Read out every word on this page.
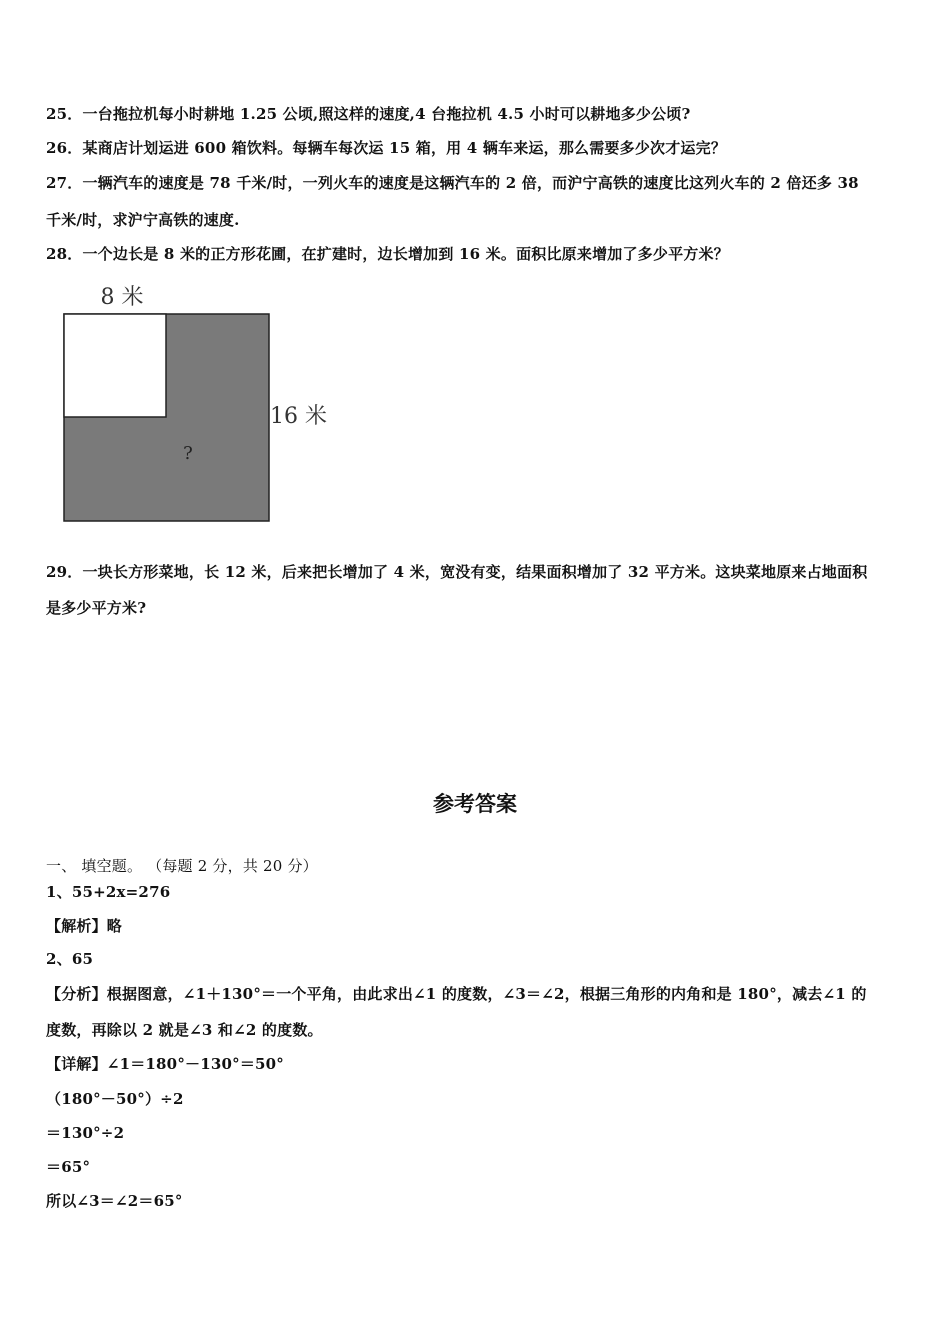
25．一台拖拉机每小时耕地 1.25 公顷,照这样的速度,4 台拖拉机 4.5 小时可以耕地多少公顷?
26．某商店计划运进 600 箱饮料。每辆车每次运 15 箱，用 4 辆车来运，那么需要多少次才运完？
27．一辆汽车的速度是 78 千米/时，一列火车的速度是这辆汽车的 2 倍，而沪宁高铁的速度比这列火车的 2 倍还多 38
千米/时，求沪宁高铁的速度.
28．一个边长是 8 米的正方形花圃，在扩建时，边长增加到 16 米。面积比原来增加了多少平方米？
8 米
16 米
?
29．一块长方形菜地，长 12 米，后来把长增加了 4 米，宽没有变，结果面积增加了 32 平方米。这块菜地原来占地面积
是多少平方米?
参考答案
一、 填空题。 （每题 2 分，共 20 分）
1、55+2x=276
【解析】略
2、65
【分析】根据图意，∠1＋130°＝一个平角，由此求出∠1 的度数，∠3＝∠2，根据三角形的内角和是 180°，减去∠1 的
度数，再除以 2 就是∠3 和∠2 的度数。
【详解】∠1＝180°－130°＝50°
（180°－50°）÷2
＝130°÷2
＝65°
所以∠3＝∠2＝65°
